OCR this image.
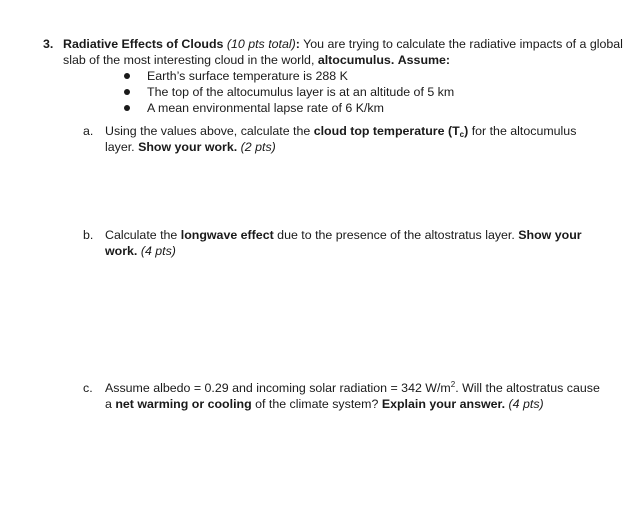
3. Radiative Effects of Clouds (10 pts total): You are trying to calculate the radiative impacts of a global slab of the most interesting cloud in the world, altocumulus. Assume:
Earth’s surface temperature is 288 K
The top of the altocumulus layer is at an altitude of 5 km
A mean environmental lapse rate of 6 K/km
a. Using the values above, calculate the cloud top temperature $(T_c)$ for the altocumulus layer. Show your work. (2 pts)
b. Calculate the longwave effect due to the presence of the altostratus layer. Show your work. (4 pts)
c. Assume albedo = 0.29 and incoming solar radiation = 342 $W/m^2$. Will the altostratus cause a net warming or cooling of the climate system? Explain your answer. (4 pts)
